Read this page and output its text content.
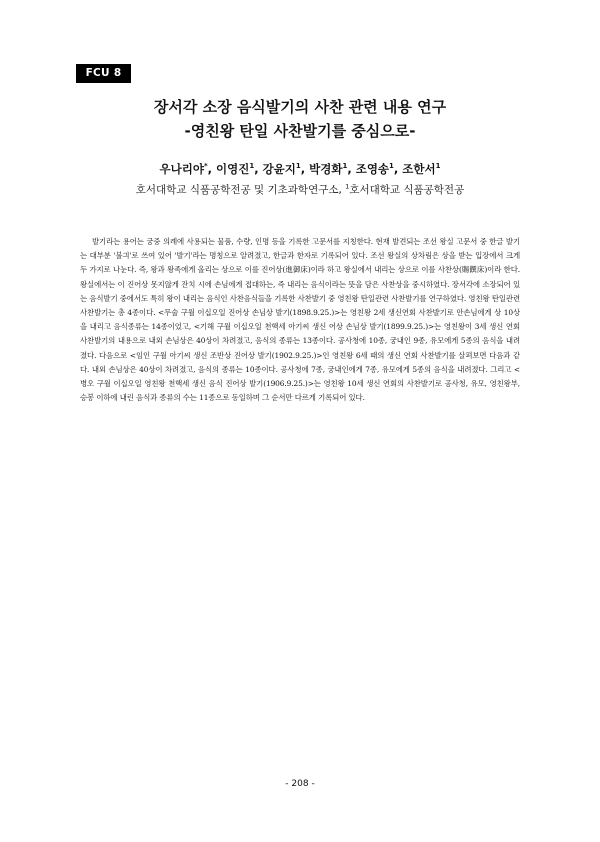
FCU 8
장서각 소장 음식발기의 사찬 관련 내용 연구
-영친왕 탄일 사찬발기를 중심으로-
우나리야*, 이영진$^1$, 강윤지$^1$, 박경화$^1$, 조영송$^1$, 조한서$^1$
호서대학교 식품공학전공 및 기초과학연구소, $^1$호서대학교 식품공학전공

발기라는 용어는 궁중 의례에 사용되는 물품, 수량, 인명 등을 기록한 고문서를 지칭한다. 현재 발견되는 조선 왕실 고문서 중 한글 발기는 대부분 '불긔'로 쓰여 있어 '발기'라는 명칭으로 알려졌고, 한글과 한자로 기록되어 있다. 조선 왕실의 상차림은 상을 받는 입장에서 크게 두 가지로 나눈다. 즉, 왕과 왕족에게 올리는 상으로 이를 진어상(進御床)이라 하고 왕실에서 내리는 상으로 이를 사찬상(賜饌床)이라 한다. 왕실에서는 이 진어상 못지않게 잔치 시에 손님에게 접대하는, 즉 내리는 음식이라는 뜻을 담은 사찬상을 중시하였다. 장서각에 소장되어 있는 음식발기 중에서도 특히 왕이 내리는 음식인 사찬음식들을 기록한 사찬발기 중 영친왕 탄일관련 사찬발기를 연구하였다. 영친왕 탄일관련 사찬발기는 총 4종이다. <무술 구월 이십오일 진어상 손님상 발기(1898.9.25.)>는 영친왕 2세 생신연회 사찬발기로 안손님에게 상 10상을 내리고 음식종류는 14종이었고, <기해 구월 이십오일 천핵세 아기씨 생신 어상 손님상 발기(1899.9.25.)>는 영친왕이 3세 생신 연회 사찬발기의 내용으로 내외 손님상은 40상이 차려졌고, 음식의 종류는 13종이다. 공사청에 10종, 궁내인 9종, 유모에게 5종의 음식을 내려졌다. 다음으로 <임인 구월 아기씨 생신 조반상 진어상 발기(1902.9.25.)>인 영친왕 6세 때의 생신 연회 사찬발기를 살펴보면 다음과 같다. 내외 손님상은 40상이 차려졌고, 음식의 종류는 10종이다. 공사청에 7종, 궁내인에게 7종, 유모에게 5종의 음식을 내려졌다. 그리고 <병오 구월 이십오일 영친왕 천핵세 생신 음식 진어상 발기(1906.9.25.)>는 영친왕 10세 생신 연회의 사찬발기로 공사청, 유모, 영친왕부, 승봉 이하에 내린 음식과 종류의 수는 11종으로 동일하며 그 순서만 다르게 기록되어 있다.

- 208 -
